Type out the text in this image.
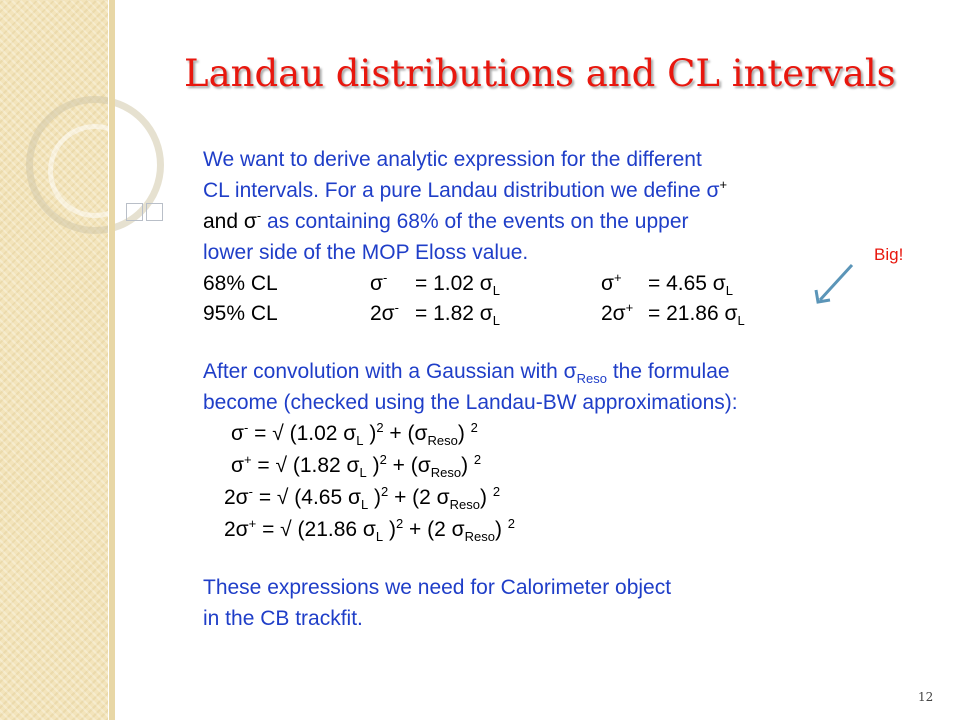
Landau distributions and CL intervals
We want to derive analytic expression for the different
CL intervals. For a pure Landau distribution we define σ+
and σ- as containing 68% of the events on the upper
lower side of the MOP Eloss value.
68% CL	σ- = 1.02 $\sigma_L$	σ+ = 4.65 $\sigma_L$
95% CL	2σ- = 1.82 $\sigma_L$	2σ+ = 21.86 $\sigma_L$
Big!
After convolution with a Gaussian with $\sigma_{Reso}$ the formulae
become (checked using the Landau-BW approximations):
σ- = √ (1.02 $\sigma_L$ )$^2 + (\sigma_{Reso})$ $^2$
σ+ = √ (1.82 $\sigma_L$ )$^2 + (\sigma_{Reso})$ $^2$
2σ- = √ (4.65 $\sigma_L$ )$^2$ + (2 $\sigma_{Reso}$) $^2$
2σ+ = √ (21.86 $\sigma_L$ )$^2$ + (2 $\sigma_{Reso}$) $^2$
These expressions we need for Calorimeter object
in the CB trackfit.
12
